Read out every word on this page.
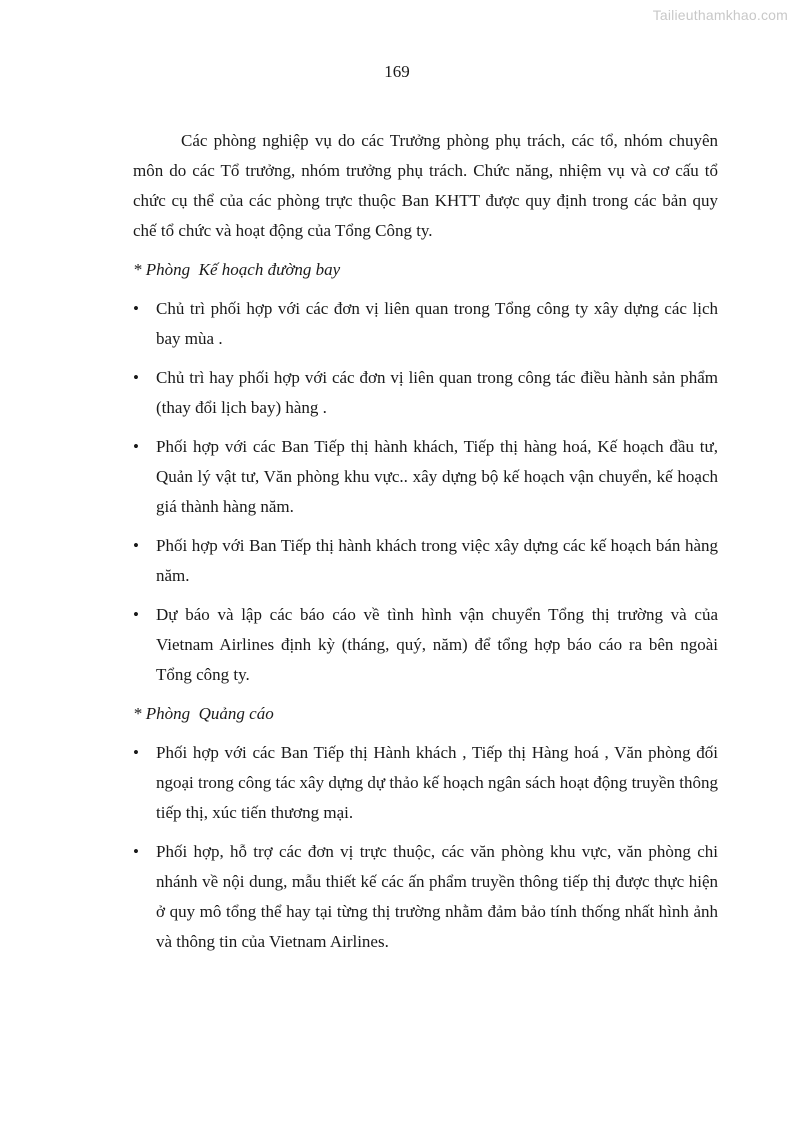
Tailieuthamkhao.com
169

Các phòng nghiệp vụ do các Trưởng phòng phụ trách, các tổ, nhóm chuyên môn do các Tổ trưởng, nhóm trưởng phụ trách. Chức năng, nhiệm vụ và cơ cấu tổ chức cụ thể của các phòng trực thuộc Ban KHTT được quy định trong các bản quy chế tổ chức và hoạt động của Tổng Công ty.

* Phòng  Kế hoạch đường bay

•	Chủ trì phối hợp với các đơn vị liên quan trong Tổng công ty xây dựng các lịch bay mùa .
•	Chủ trì hay phối hợp với các đơn vị liên quan trong công tác điều hành sản phẩm (thay đổi lịch bay) hàng .
•	Phối hợp với các Ban Tiếp thị hành khách, Tiếp thị hàng hoá, Kế hoạch đầu tư, Quản lý vật tư, Văn phòng khu vực.. xây dựng bộ kế hoạch vận chuyển, kế hoạch giá thành hàng năm.
•	Phối hợp với Ban Tiếp thị hành khách trong việc xây dựng các kế hoạch bán hàng năm.
•	Dự báo và lập các báo cáo về tình hình vận chuyển Tổng thị trường và của Vietnam Airlines định kỳ (tháng, quý, năm) để tổng hợp báo cáo ra bên ngoài Tổng công ty.

* Phòng  Quảng cáo

•	Phối hợp với các Ban Tiếp thị Hành khách , Tiếp thị Hàng hoá , Văn phòng đối ngoại trong công tác xây dựng dự thảo kế hoạch ngân sách hoạt động truyền thông tiếp thị, xúc tiến thương mại.
•	Phối hợp, hỗ trợ các đơn vị trực thuộc, các văn phòng khu vực, văn phòng chi nhánh về nội dung, mẫu thiết kế các ấn phẩm truyền thông tiếp thị được thực hiện ở quy mô tổng thể hay tại từng thị trường nhằm đảm bảo tính thống nhất hình ảnh và thông tin của Vietnam Airlines.
